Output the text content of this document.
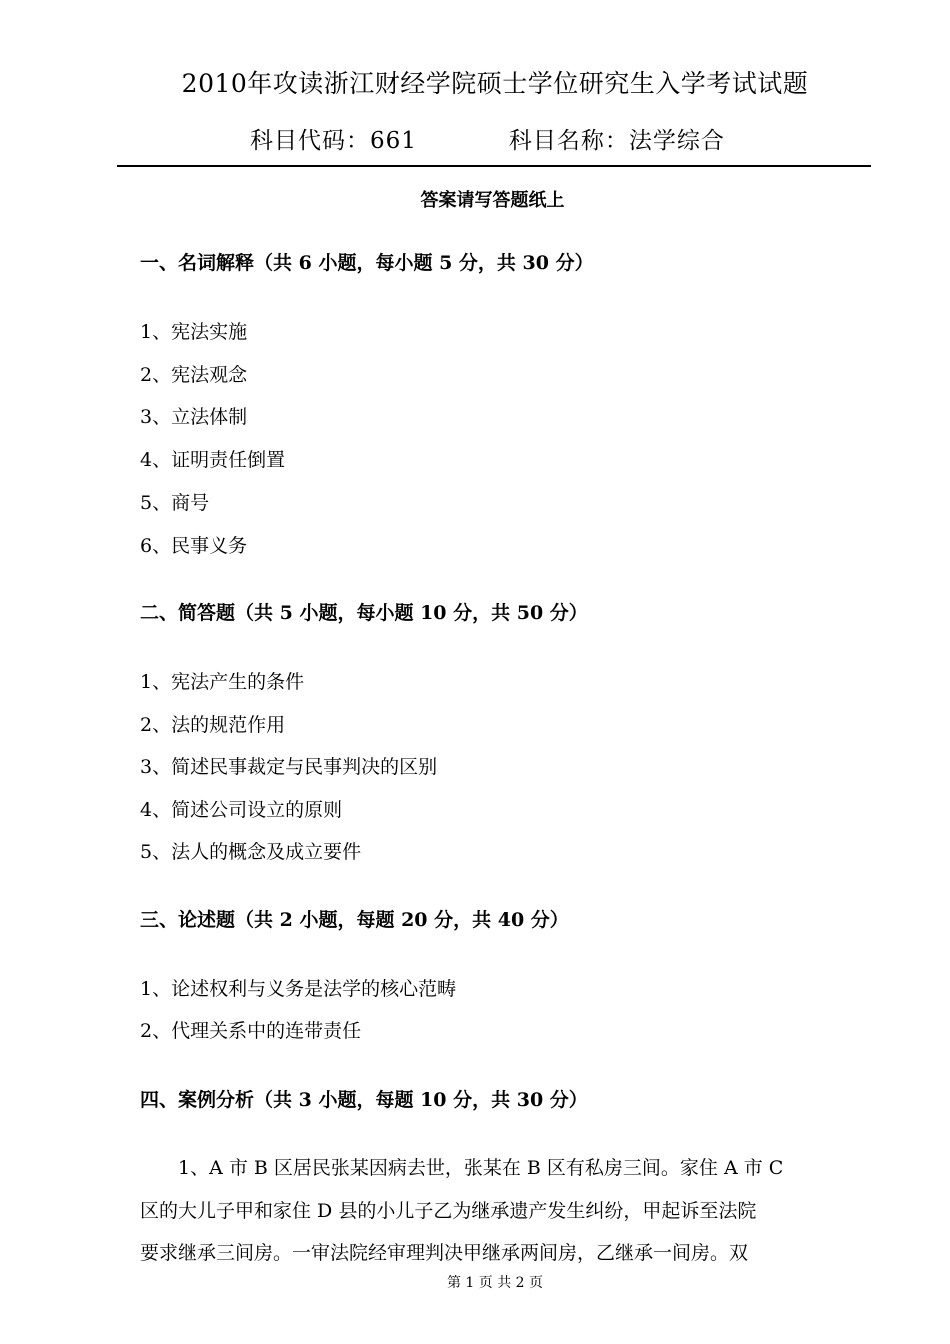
2010年攻读浙江财经学院硕士学位研究生入学考试试题
科目代码：661	科目名称：法学综合
答案请写答题纸上
一、名词解释（共 6 小题，每小题 5 分，共 30 分）
1、宪法实施
2、宪法观念
3、立法体制
4、证明责任倒置
5、商号
6、民事义务
二、简答题（共 5 小题，每小题 10 分，共 50 分）
1、宪法产生的条件
2、法的规范作用
3、简述民事裁定与民事判决的区别
4、简述公司设立的原则
5、法人的概念及成立要件
三、论述题（共 2 小题，每题 20 分，共 40 分）
1、论述权利与义务是法学的核心范畴
2、代理关系中的连带责任
四、案例分析（共 3 小题，每题 10 分，共 30 分）
　　1、A 市 B 区居民张某因病去世，张某在 B 区有私房三间。家住 A 市 C
区的大儿子甲和家住 D 县的小儿子乙为继承遗产发生纠纷，甲起诉至法院
要求继承三间房。一审法院经审理判决甲继承两间房，乙继承一间房。双
第 1 页 共 2 页
